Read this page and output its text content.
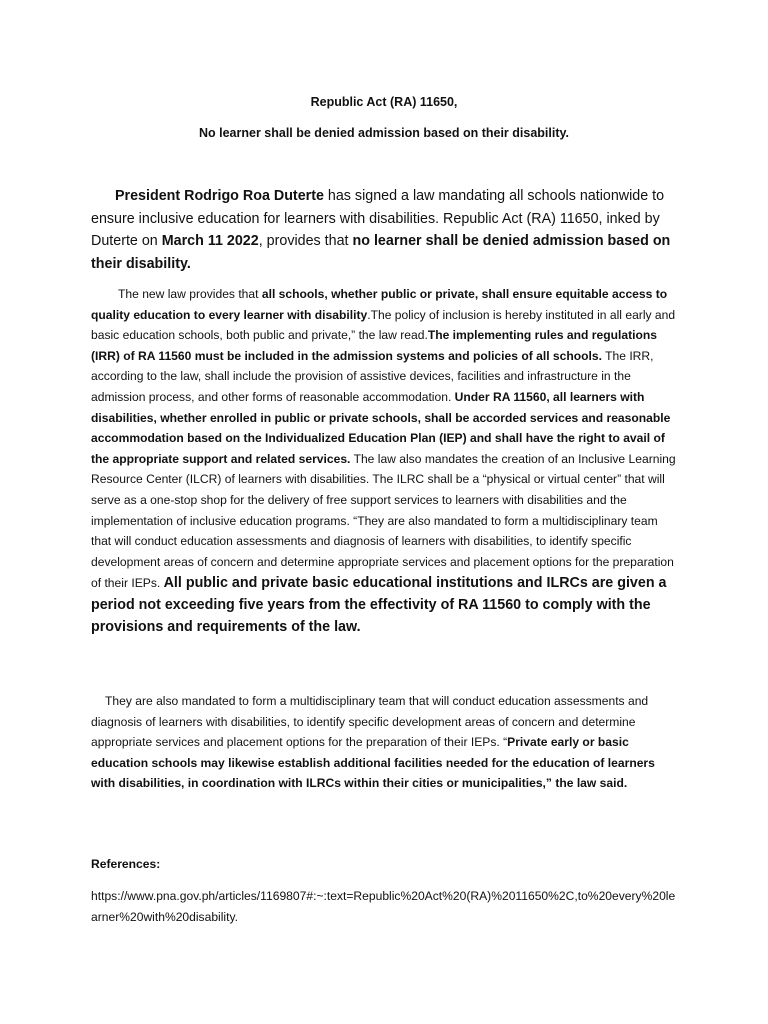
Republic Act (RA) 11650,
No learner shall be denied admission based on their disability.

President Rodrigo Roa Duterte has signed a law mandating all schools nationwide to ensure inclusive education for learners with disabilities. Republic Act (RA) 11650, inked by Duterte on March 11 2022, provides that no learner shall be denied admission based on their disability.

The new law provides that all schools, whether public or private, shall ensure equitable access to quality education to every learner with disability.The policy of inclusion is hereby instituted in all early and basic education schools, both public and private,” the law read.The implementing rules and regulations (IRR) of RA 11560 must be included in the admission systems and policies of all schools. The IRR, according to the law, shall include the provision of assistive devices, facilities and infrastructure in the admission process, and other forms of reasonable accommodation. Under RA 11560, all learners with disabilities, whether enrolled in public or private schools, shall be accorded services and reasonable accommodation based on the Individualized Education Plan (IEP) and shall have the right to avail of the appropriate support and related services. The law also mandates the creation of an Inclusive Learning Resource Center (ILCR) of learners with disabilities. The ILRC shall be a “physical or virtual center” that will serve as a one-stop shop for the delivery of free support services to learners with disabilities and the implementation of inclusive education programs. “They are also mandated to form a multidisciplinary team that will conduct education assessments and diagnosis of learners with disabilities, to identify specific development areas of concern and determine appropriate services and placement options for the preparation of their IEPs. All public and private basic educational institutions and ILRCs are given a period not exceeding five years from the effectivity of RA 11560 to comply with the provisions and requirements of the law.

They are also mandated to form a multidisciplinary team that will conduct education assessments and diagnosis of learners with disabilities, to identify specific development areas of concern and determine appropriate services and placement options for the preparation of their IEPs. “Private early or basic education schools may likewise establish additional facilities needed for the education of learners with disabilities, in coordination with ILRCs within their cities or municipalities,” the law said.

References:

https://www.pna.gov.ph/articles/1169807#:~:text=Republic%20Act%20(RA)%2011650%2C,to%20every%20learner%20with%20disability.
